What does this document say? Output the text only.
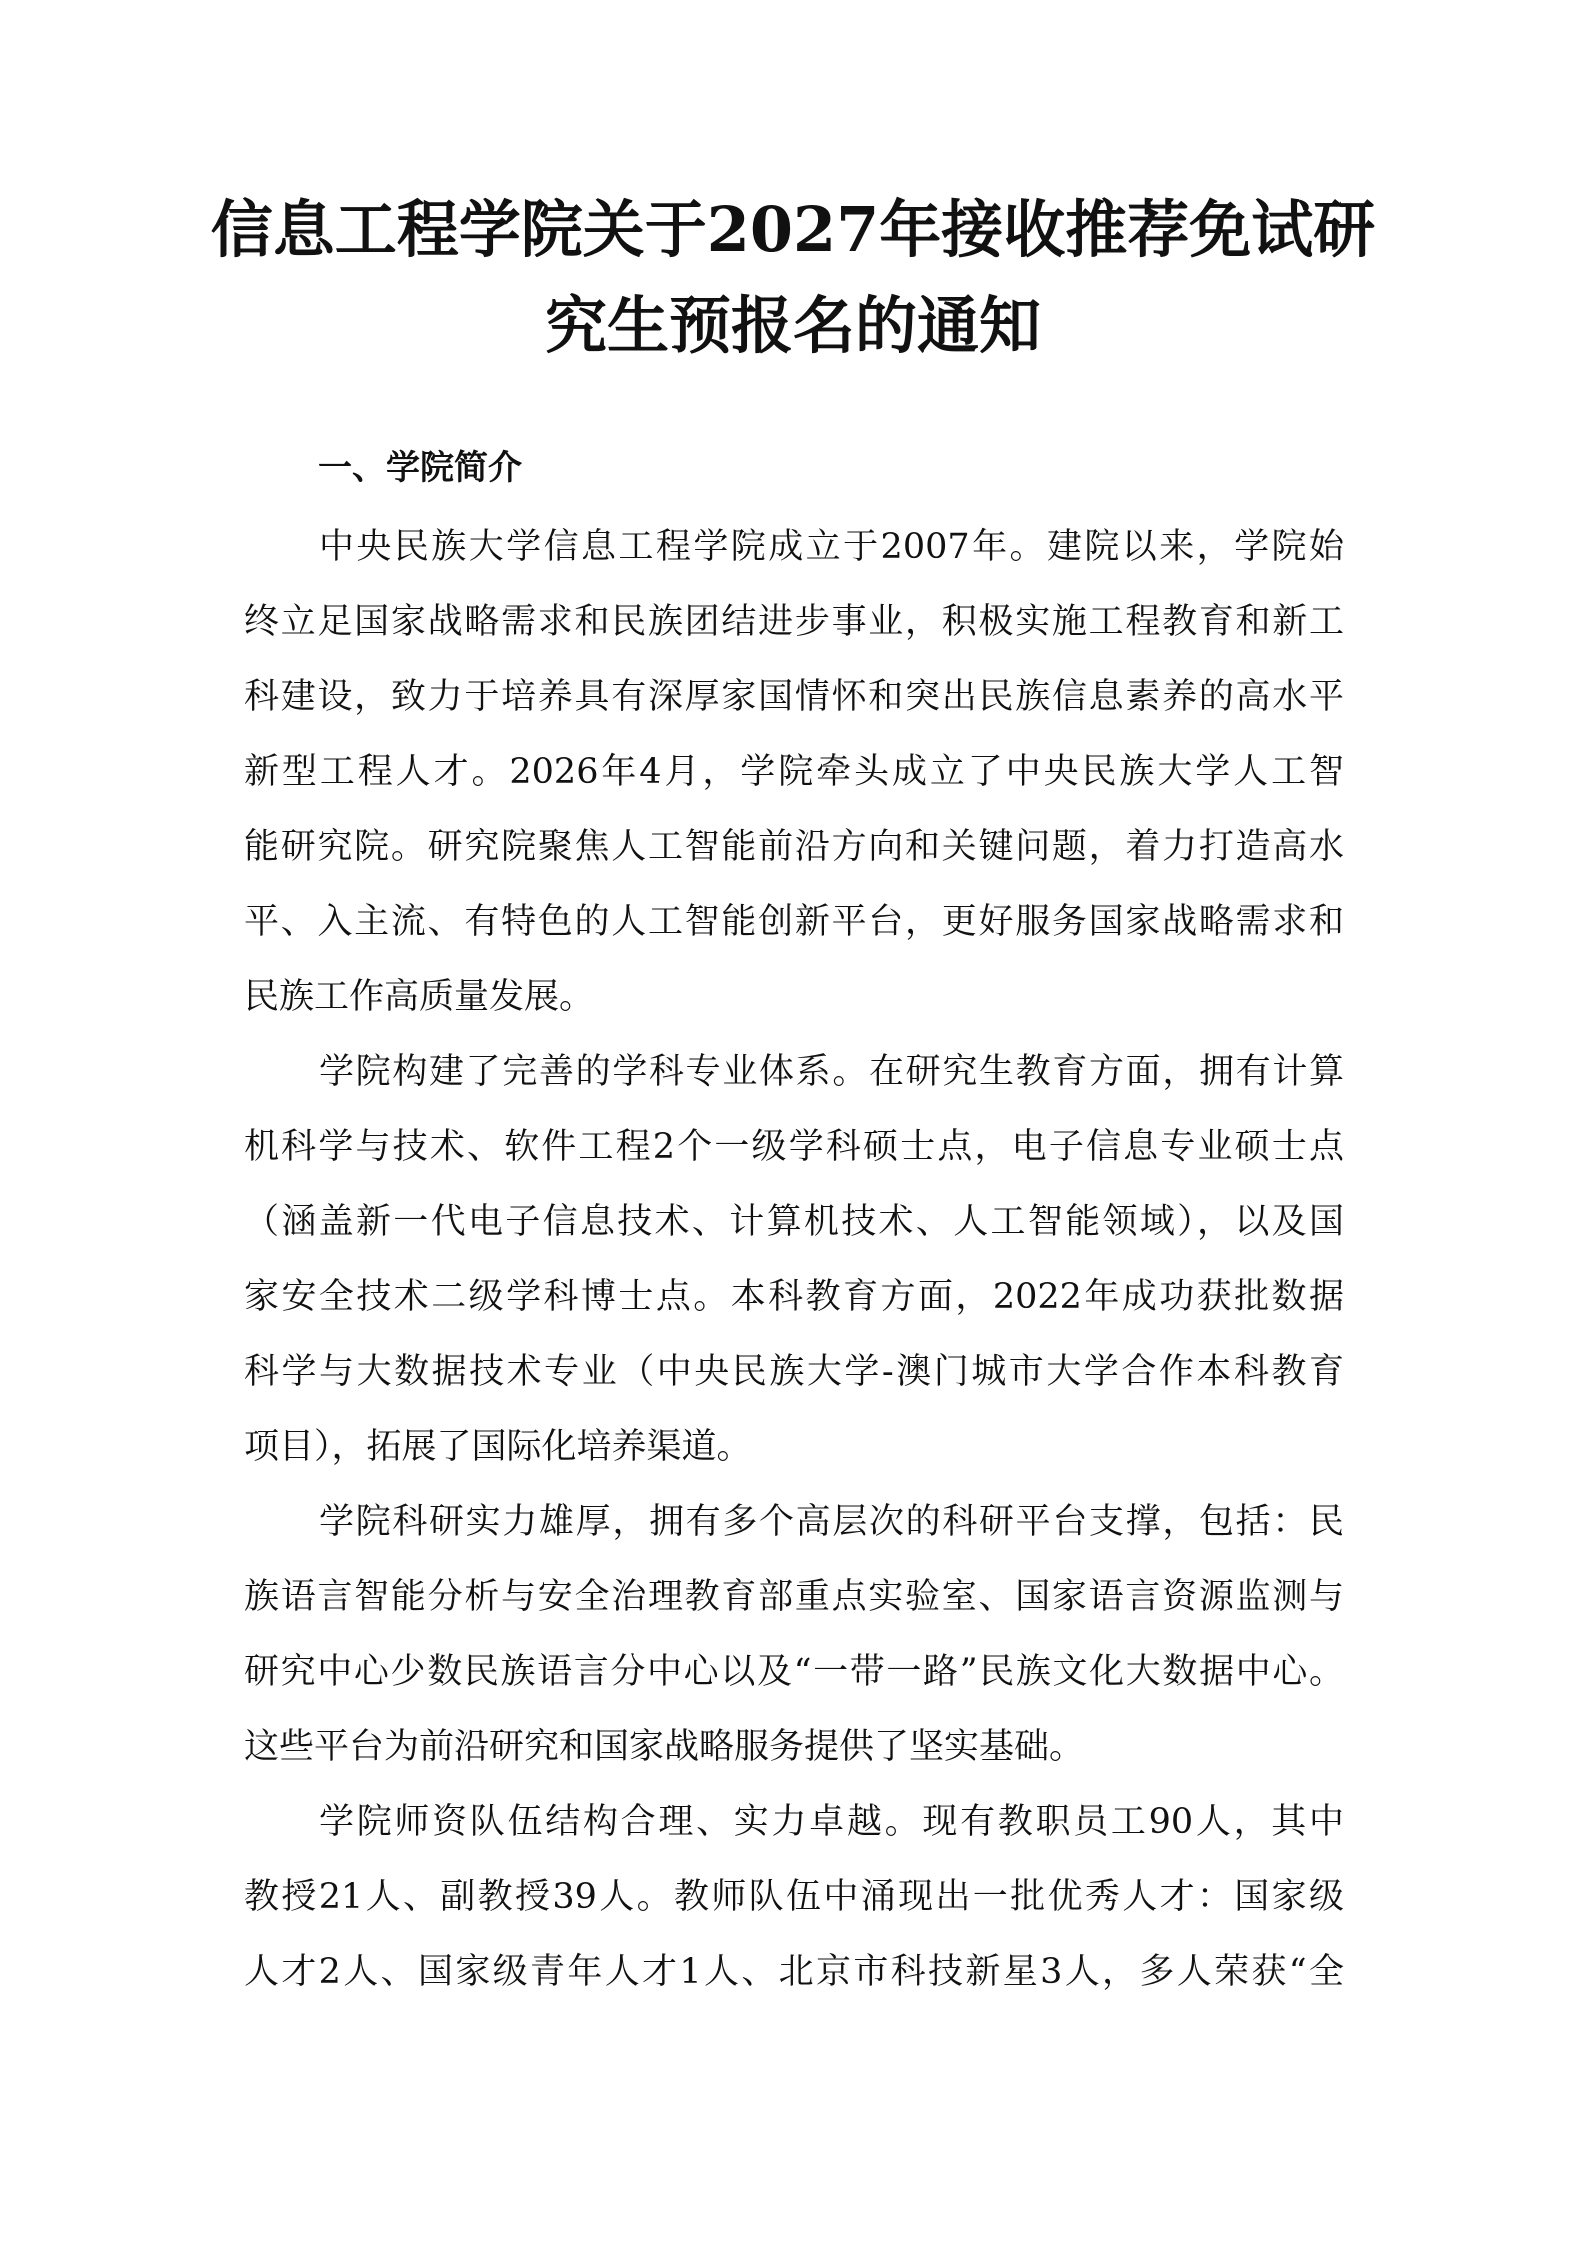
信息工程学院关于2027年接收推荐免试研
究生预报名的通知
一、学院简介
中央民族大学信息工程学院成立于2007年。建院以来，学院始
终立足国家战略需求和民族团结进步事业，积极实施工程教育和新工
科建设，致力于培养具有深厚家国情怀和突出民族信息素养的高水平
新型工程人才。2026年4月，学院牵头成立了中央民族大学人工智
能研究院。研究院聚焦人工智能前沿方向和关键问题，着力打造高水
平、入主流、有特色的人工智能创新平台，更好服务国家战略需求和
民族工作高质量发展。
学院构建了完善的学科专业体系。在研究生教育方面，拥有计算
机科学与技术、软件工程2个一级学科硕士点，电子信息专业硕士点
（涵盖新一代电子信息技术、计算机技术、人工智能领域），以及国
家安全技术二级学科博士点。本科教育方面，2022年成功获批数据
科学与大数据技术专业（中央民族大学-澳门城市大学合作本科教育
项目），拓展了国际化培养渠道。
学院科研实力雄厚，拥有多个高层次的科研平台支撑，包括：民
族语言智能分析与安全治理教育部重点实验室、国家语言资源监测与
研究中心少数民族语言分中心以及“一带一路”民族文化大数据中心。
这些平台为前沿研究和国家战略服务提供了坚实基础。
学院师资队伍结构合理、实力卓越。现有教职员工90人，其中
教授21人、副教授39人。教师队伍中涌现出一批优秀人才：国家级
人才2人、国家级青年人才1人、北京市科技新星3人，多人荣获“全
